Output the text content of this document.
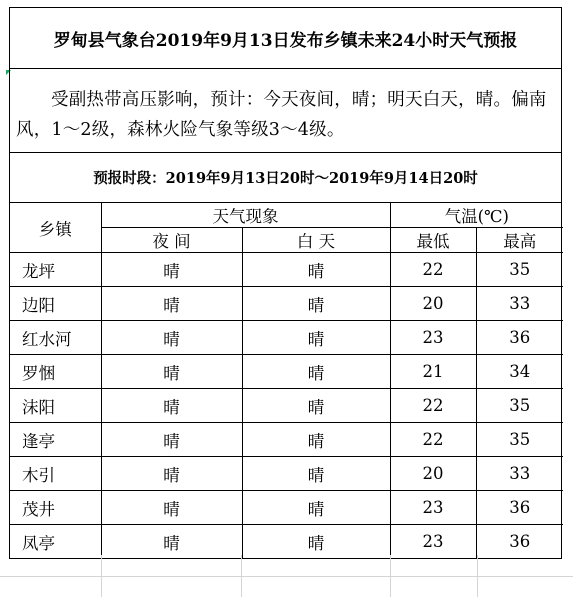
罗甸县气象台2019年9月13日发布乡镇未来24小时天气预报
受副热带高压影响，预计：今天夜间，晴；明天白天，晴。偏南风，1～2级，森林火险气象等级3～4级。
预报时段：2019年9月13日20时～2019年9月14日20时
乡镇	天气现象		气温(℃)	
	夜 间	白 天	最低	最高
龙坪	晴	晴	22	35
边阳	晴	晴	20	33
红水河	晴	晴	23	36
罗悃	晴	晴	21	34
沫阳	晴	晴	22	35
逢亭	晴	晴	22	35
木引	晴	晴	20	33
茂井	晴	晴	23	36
凤亭	晴	晴	23	36
